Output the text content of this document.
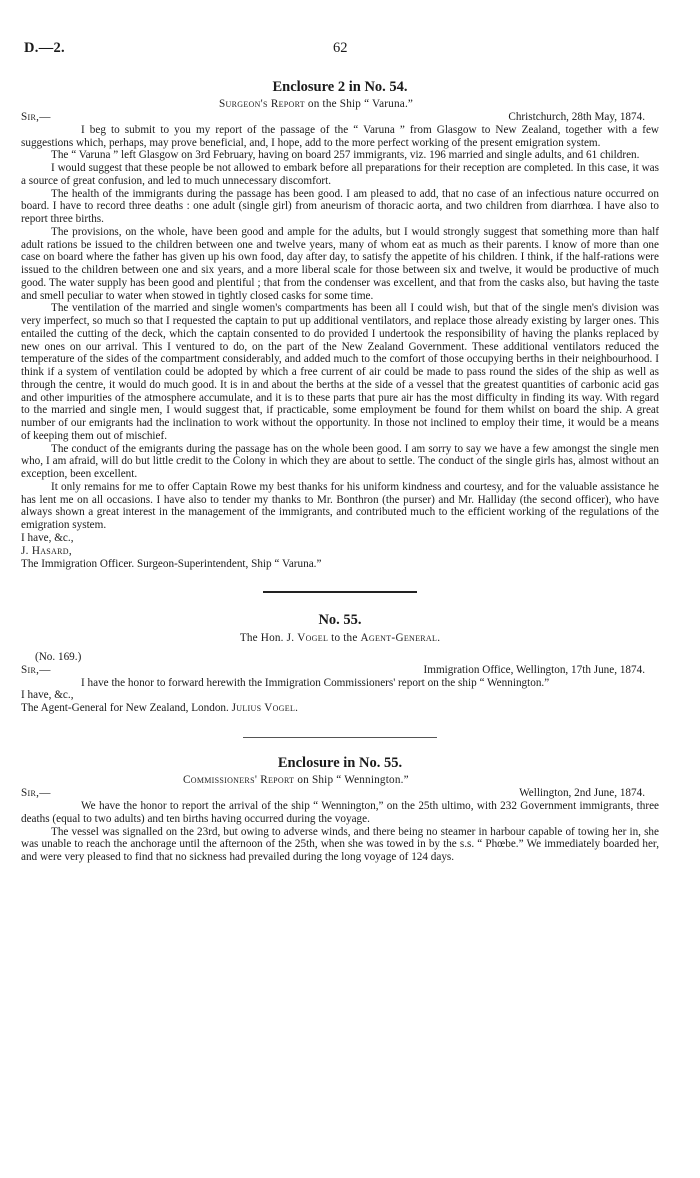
D.—2.	62
Enclosure 2 in No. 54.
Surgeon's Report on the Ship “ Varuna.”
Sir,—	Christchurch, 28th May, 1874.

I beg to submit to you my report of the passage of the “ Varuna ” from Glasgow to New Zealand, together with a few suggestions which, perhaps, may prove beneficial, and, I hope, add to the more perfect working of the present emigration system.

The “ Varuna ” left Glasgow on 3rd February, having on board 257 immigrants, viz. 196 married and single adults, and 61 children.

I would suggest that these people be not allowed to embark before all preparations for their reception are completed. In this case, it was a source of great confusion, and led to much unnecessary discomfort.

The health of the immigrants during the passage has been good. I am pleased to add, that no case of an infectious nature occurred on board. I have to record three deaths : one adult (single girl) from aneurism of thoracic aorta, and two children from diarrhœa. I have also to report three births.

The provisions, on the whole, have been good and ample for the adults, but I would strongly suggest that something more than half adult rations be issued to the children between one and twelve years, many of whom eat as much as their parents. I know of more than one case on board where the father has given up his own food, day after day, to satisfy the appetite of his children. I think, if the half-rations were issued to the children between one and six years, and a more liberal scale for those between six and twelve, it would be productive of much good. The water supply has been good and plentiful ; that from the condenser was excellent, and that from the casks also, but having the taste and smell peculiar to water when stowed in tightly closed casks for some time.

The ventilation of the married and single women's compartments has been all I could wish, but that of the single men's division was very imperfect, so much so that I requested the captain to put up additional ventilators, and replace those already existing by larger ones. This entailed the cutting of the deck, which the captain consented to do provided I undertook the responsibility of having the planks replaced by new ones on our arrival. This I ventured to do, on the part of the New Zealand Government. These additional ventilators reduced the temperature of the sides of the compartment considerably, and added much to the comfort of those occupying berths in their neighbourhood. I think if a system of ventilation could be adopted by which a free current of air could be made to pass round the sides of the ship as well as through the centre, it would do much good. It is in and about the berths at the side of a vessel that the greatest quantities of carbonic acid gas and other impurities of the atmosphere accumulate, and it is to these parts that pure air has the most difficulty in finding its way. With regard to the married and single men, I would suggest that, if practicable, some employment be found for them whilst on board the ship. A great number of our emigrants had the inclination to work without the opportunity. In those not inclined to employ their time, it would be a means of keeping them out of mischief.

The conduct of the emigrants during the passage has on the whole been good. I am sorry to say we have a few amongst the single men who, I am afraid, will do but little credit to the Colony in which they are about to settle. The conduct of the single girls has, almost without an exception, been excellent.

It only remains for me to offer Captain Rowe my best thanks for his uniform kindness and courtesy, and for the valuable assistance he has lent me on all occasions. I have also to tender my thanks to Mr. Bonthron (the purser) and Mr. Halliday (the second officer), who have always shown a great interest in the management of the immigrants, and contributed much to the efficient working of the regulations of the emigration system.

I have, &c.,
J. Hasard,
The Immigration Officer. Surgeon-Superintendent, Ship “ Varuna.”
No. 55.
The Hon. J. Vogel to the Agent-General.
(No. 169.)
Sir,—	Immigration Office, Wellington, 17th June, 1874.

I have the honor to forward herewith the Immigration Commissioners' report on the ship “ Wennington.”

I have, &c.,
The Agent-General for New Zealand, London. Julius Vogel.
Enclosure in No. 55.
Commissioners' Report on Ship “ Wennington.”
Sir,—	Wellington, 2nd June, 1874.

We have the honor to report the arrival of the ship “ Wennington,” on the 25th ultimo, with 232 Government immigrants, three deaths (equal to two adults) and ten births having occurred during the voyage.

The vessel was signalled on the 23rd, but owing to adverse winds, and there being no steamer in harbour capable of towing her in, she was unable to reach the anchorage until the afternoon of the 25th, when she was towed in by the s.s. “ Phœbe.” We immediately boarded her, and were very pleased to find that no sickness had prevailed during the long voyage of 124 days.
